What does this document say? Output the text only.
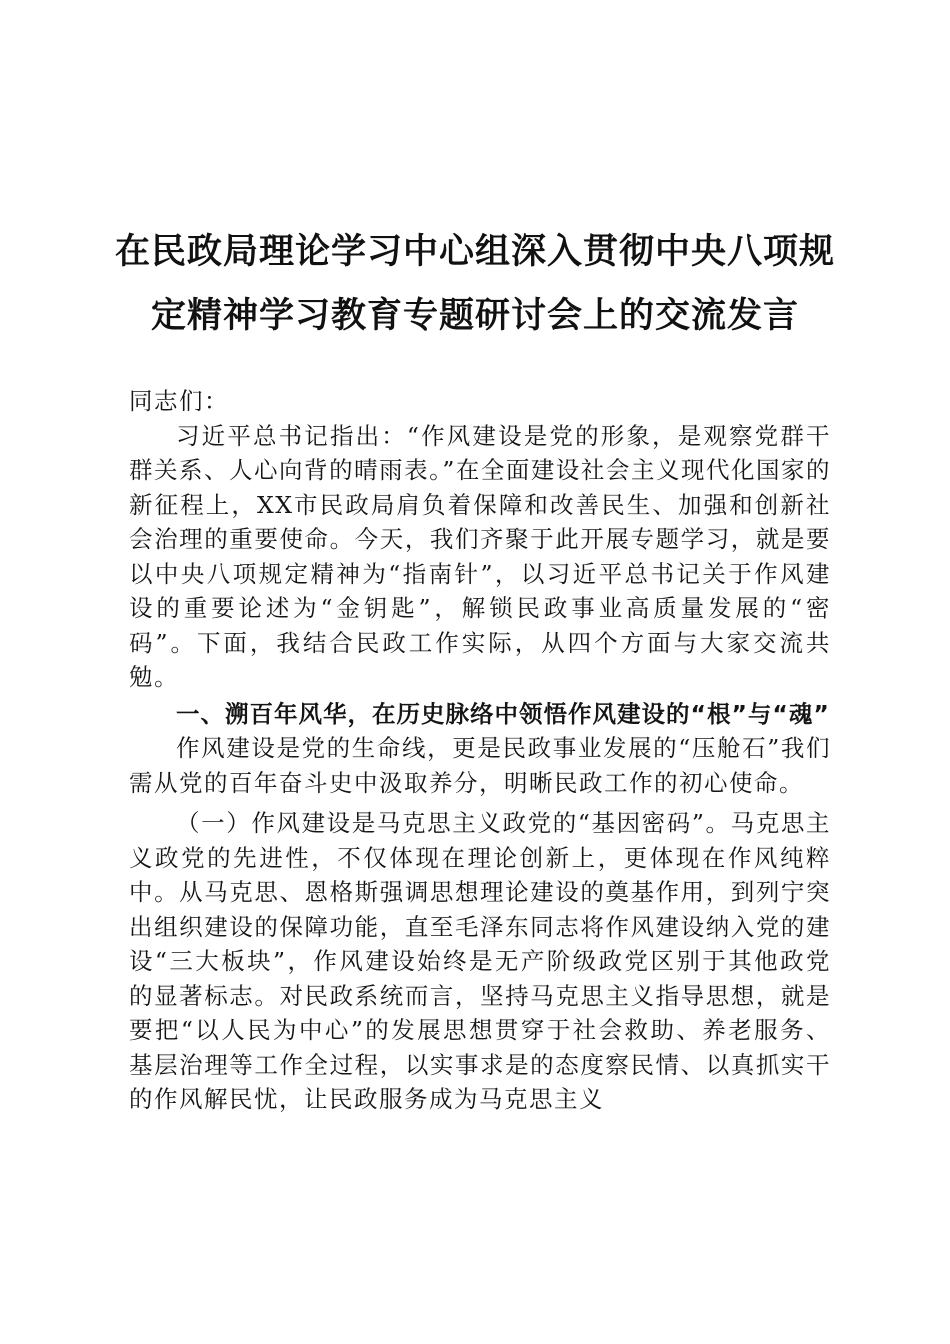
在民政局理论学习中心组深入贯彻中央八项规
定精神学习教育专题研讨会上的交流发言

同志们：

习近平总书记指出：“作风建设是党的形象，是观察党群干群关系、人心向背的晴雨表。”在全面建设社会主义现代化国家的新征程上，XX市民政局肩负着保障和改善民生、加强和创新社会治理的重要使命。今天，我们齐聚于此开展专题学习，就是要以中央八项规定精神为“指南针”，以习近平总书记关于作风建设的重要论述为“金钥匙”，解锁民政事业高质量发展的“密码”。下面，我结合民政工作实际，从四个方面与大家交流共勉。

一、溯百年风华，在历史脉络中领悟作风建设的“根”与“魂”

作风建设是党的生命线，更是民政事业发展的“压舱石”我们需从党的百年奋斗史中汲取养分，明晰民政工作的初心使命。

（一）作风建设是马克思主义政党的“基因密码”。马克思主义政党的先进性，不仅体现在理论创新上，更体现在作风纯粹中。从马克思、恩格斯强调思想理论建设的奠基作用，到列宁突出组织建设的保障功能，直至毛泽东同志将作风建设纳入党的建设“三大板块”，作风建设始终是无产阶级政党区别于其他政党的显著标志。对民政系统而言，坚持马克思主义指导思想，就是要把“以人民为中心”的发展思想贯穿于社会救助、养老服务、基层治理等工作全过程，以实事求是的态度察民情、以真抓实干的作风解民忧，让民政服务成为马克思主义
